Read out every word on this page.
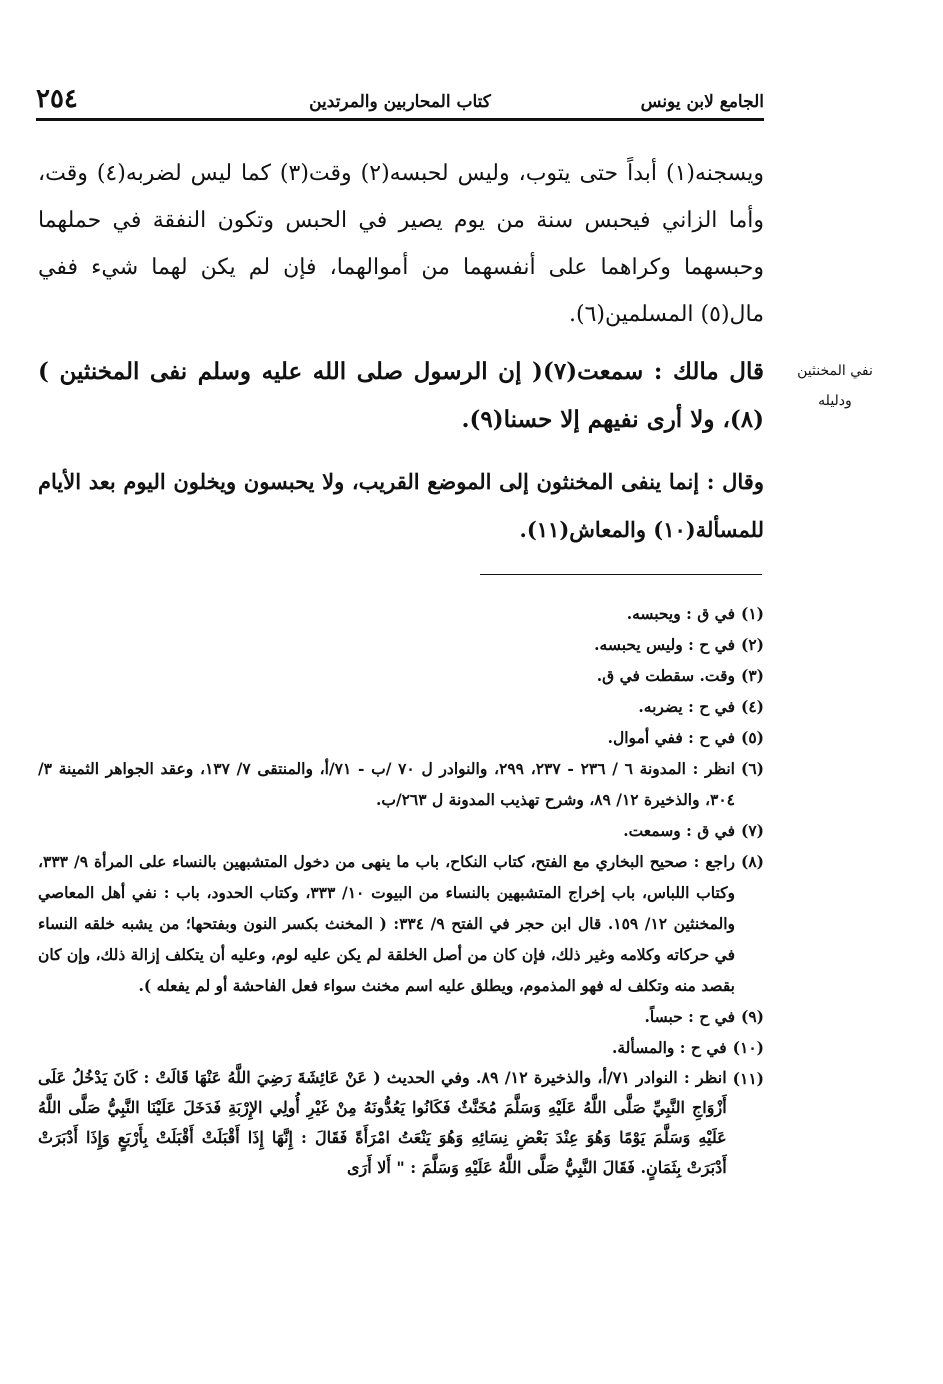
الجامع لابن يونس
كتاب المحاربين والمرتدين
٢٥٤

ويسجنه(١) أبداً حتى يتوب، وليس لحبسه(٢) وقت(٣) كما ليس لضربه(٤) وقت، وأما الزاني فيحبس سنة من يوم يصير في الحبس وتكون النفقة في حملهما وحبسهما وكراهما على أنفسهما من أموالهما، فإن لم يكن لهما شيء ففي مال(٥) المسلمين(٦).

قال مالك : سمعت(٧)( إن الرسول صلى الله عليه وسلم نفى المخنثين )(٨)، ولا أرى نفيهم إلا حسنا(٩).

وقال : إنما ينفى المخنثون إلى الموضع القريب، ولا يحبسون ويخلون اليوم بعد الأيام للمسألة(١٠) والمعاش(١١).

نفي المخنثين
ودليله
(١)
في ق : ويحبسه.
(٢)
في ح : وليس يحبسه.
(٣)
وقت. سقطت في ق.
(٤)
في ح : يضربه.
(٥)
في ح : ففي أموال.
(٦)
انظر : المدونة ٦ / ٢٣٦ - ٢٣٧، ٢٩٩، والنوادر ل ٧٠ /ب - ٧١/أ، والمنتقى ٧/ ١٣٧، وعقد الجواهر الثمينة ٣/ ٣٠٤، والذخيرة ١٢/ ٨٩، وشرح تهذيب المدونة ل ٢٦٣/ب.
(٧)
في ق : وسمعت.
(٨)
راجع : صحيح البخاري مع الفتح، كتاب النكاح، باب ما ينهى من دخول المتشبهين بالنساء على المرأة ٩/ ٣٣٣، وكتاب اللباس، باب إخراج المتشبهين بالنساء من البيوت ١٠/ ٣٣٣، وكتاب الحدود، باب : نفي أهل المعاصي والمخنثين ١٢/ ١٥٩. قال ابن حجر في الفتح ٩/ ٣٣٤: ( المخنث بكسر النون وبفتحها؛ من يشبه خلقه النساء في حركاته وكلامه وغير ذلك، فإن كان من أصل الخلقة لم يكن عليه لوم، وعليه أن يتكلف إزالة ذلك، وإن كان بقصد منه وتكلف له فهو المذموم، ويطلق عليه اسم مخنث سواء فعل الفاحشة أو لم يفعله ).
(٩)
في ح : حبساً.
(١٠)
في ح : والمسألة.
(١١)
انظر : النوادر ٧١/أ، والذخيرة ١٢/ ٨٩. وفي الحديث ( عَنْ عَائِشَةَ رَضِيَ اللَّهُ عَنْهَا قَالَتْ : كَانَ يَدْخُلُ عَلَى أَزْوَاجِ النَّبِيِّ صَلَّى اللَّهُ عَلَيْهِ وَسَلَّمَ مُخَنَّثٌ فَكَانُوا يَعُدُّونَهُ مِنْ غَيْرِ أُولِي الإِرْبَةِ فَدَخَلَ عَلَيْنَا النَّبِيُّ صَلَّى اللَّهُ عَلَيْهِ وَسَلَّمَ يَوْمًا وَهُوَ عِنْدَ بَعْضِ نِسَائِهِ وَهُوَ يَنْعَتُ امْرَأَةً فَقَالَ : إِنَّهَا إِذَا أَقْبَلَتْ أَقْبَلَتْ بِأَرْبَعٍ وَإِذَا أَدْبَرَتْ أَدْبَرَتْ بِثَمَانٍ. فَقَالَ النَّبِيُّ صَلَّى اللَّهُ عَلَيْهِ وَسَلَّمَ : " أَلا أَرَى
